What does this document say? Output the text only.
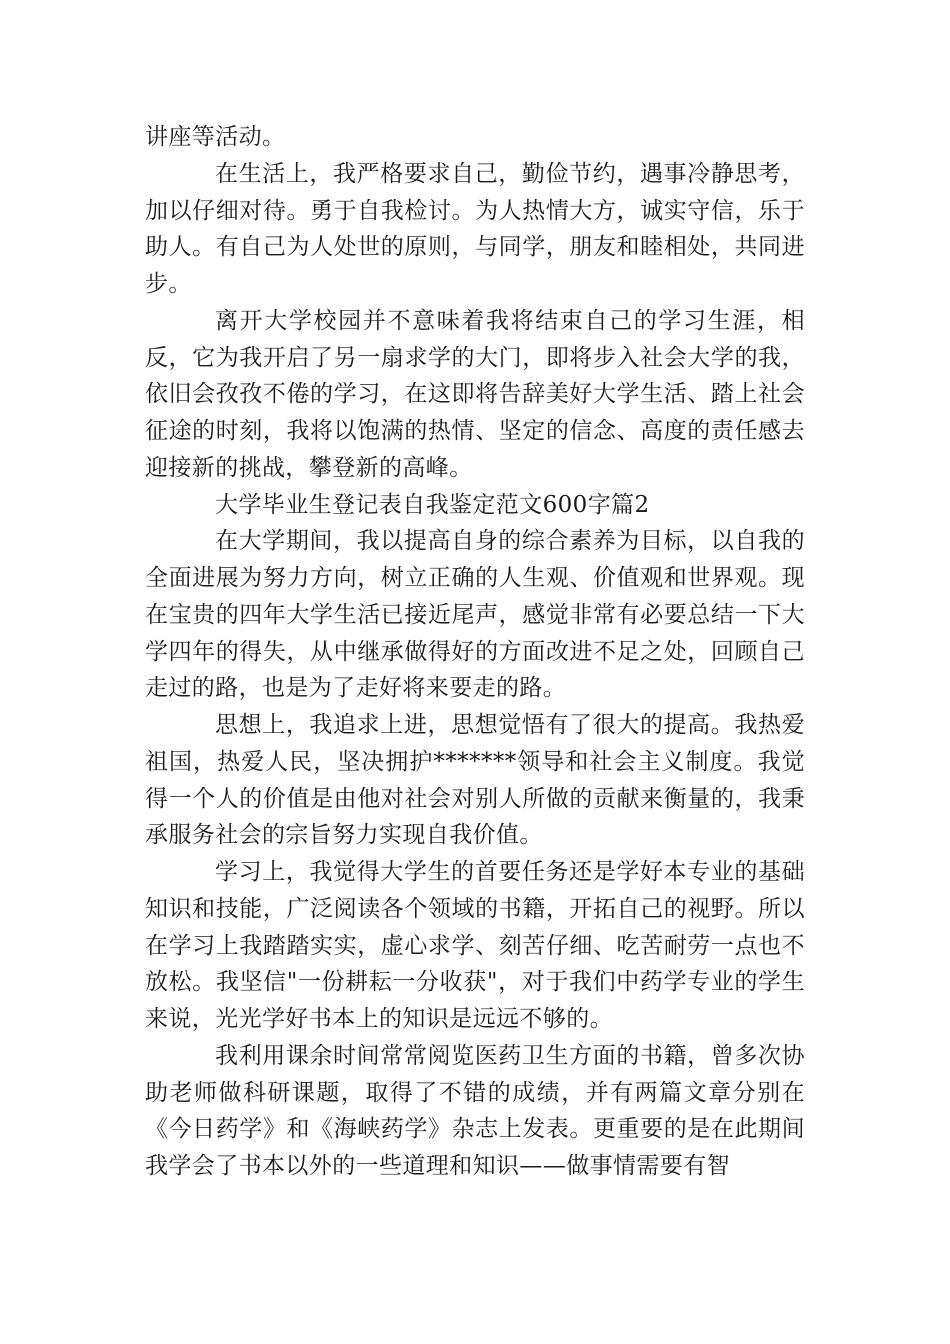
讲座等活动。

在生活上，我严格要求自己，勤俭节约，遇事冷静思考，加以仔细对待。勇于自我检讨。为人热情大方，诚实守信，乐于助人。有自己为人处世的原则，与同学，朋友和睦相处，共同进步。

离开大学校园并不意味着我将结束自己的学习生涯，相反，它为我开启了另一扇求学的大门，即将步入社会大学的我，依旧会孜孜不倦的学习，在这即将告辞美好大学生活、踏上社会征途的时刻，我将以饱满的热情、坚定的信念、高度的责任感去迎接新的挑战，攀登新的高峰。

大学毕业生登记表自我鉴定范文600字篇2

在大学期间，我以提高自身的综合素养为目标，以自我的全面进展为努力方向，树立正确的人生观、价值观和世界观。现在宝贵的四年大学生活已接近尾声，感觉非常有必要总结一下大学四年的得失，从中继承做得好的方面改进不足之处，回顾自己走过的路，也是为了走好将来要走的路。

思想上，我追求上进，思想觉悟有了很大的提高。我热爱祖国，热爱人民，坚决拥护*******领导和社会主义制度。我觉得一个人的价值是由他对社会对别人所做的贡献来衡量的，我秉承服务社会的宗旨努力实现自我价值。

学习上，我觉得大学生的首要任务还是学好本专业的基础知识和技能，广泛阅读各个领域的书籍，开拓自己的视野。所以在学习上我踏踏实实，虚心求学、刻苦仔细、吃苦耐劳一点也不放松。我坚信"一份耕耘一分收获"，对于我们中药学专业的学生来说，光光学好书本上的知识是远远不够的。

我利用课余时间常常阅览医药卫生方面的书籍，曾多次协助老师做科研课题，取得了不错的成绩，并有两篇文章分别在《今日药学》和《海峡药学》杂志上发表。更重要的是在此期间我学会了书本以外的一些道理和知识——做事情需要有智
